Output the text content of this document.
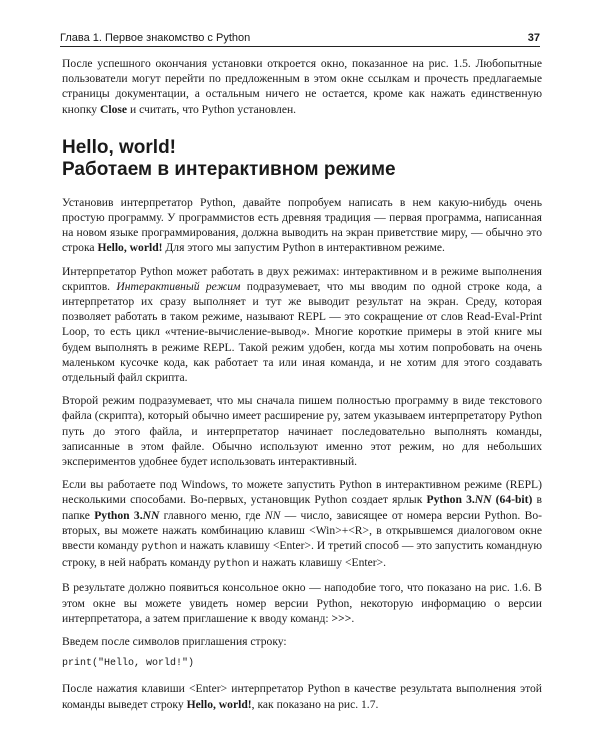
Глава 1. Первое знакомство с Python	37

После успешного окончания установки откроется окно, показанное на рис. 1.5. Любопытные пользователи могут перейти по предложенным в этом окне ссылкам и прочесть предлагаемые страницы документации, а остальным ничего не остается, кроме как нажать единственную кнопку Close и считать, что Python установлен.

Hello, world!
Работаем в интерактивном режиме

Установив интерпретатор Python, давайте попробуем написать в нем какую-нибудь очень простую программу. У программистов есть древняя традиция — первая программа, написанная на новом языке программирования, должна выводить на экран приветствие миру, — обычно это строка Hello, world! Для этого мы запустим Python в интерактивном режиме.

Интерпретатор Python может работать в двух режимах: интерактивном и в режиме выполнения скриптов. Интерактивный режим подразумевает, что мы вводим по одной строке кода, а интерпретатор их сразу выполняет и тут же выводит результат на экран. Среду, которая позволяет работать в таком режиме, называют REPL — это сокращение от слов Read-Eval-Print Loop, то есть цикл «чтение-вычисление-вывод». Многие короткие примеры в этой книге мы будем выполнять в режиме REPL. Такой режим удобен, когда мы хотим попробовать на очень маленьком кусочке кода, как работает та или иная команда, и не хотим для этого создавать отдельный файл скрипта.

Второй режим подразумевает, что мы сначала пишем полностью программу в виде текстового файла (скрипта), который обычно имеет расширение py, затем указываем интерпретатору Python путь до этого файла, и интерпретатор начинает последовательно выполнять команды, записанные в этом файле. Обычно используют именно этот режим, но для небольших экспериментов удобнее будет использовать интерактивный.

Если вы работаете под Windows, то можете запустить Python в интерактивном режиме (REPL) несколькими способами. Во-первых, установщик Python создает ярлык Python 3.NN (64-bit) в папке Python 3.NN главного меню, где NN — число, зависящее от номера версии Python. Во-вторых, вы можете нажать комбинацию клавиш <Win>+<R>, в открывшемся диалоговом окне ввести команду python и нажать клавишу <Enter>. И третий способ — это запустить командную строку, в ней набрать команду python и нажать клавишу <Enter>.

В результате должно появиться консольное окно — наподобие того, что показано на рис. 1.6. В этом окне вы можете увидеть номер версии Python, некоторую информацию о версии интерпретатора, а затем приглашение к вводу команд: >>>.

Введем после символов приглашения строку:

print("Hello, world!")

После нажатия клавиши <Enter> интерпретатор Python в качестве результата выполнения этой команды выведет строку Hello, world!, как показано на рис. 1.7.
